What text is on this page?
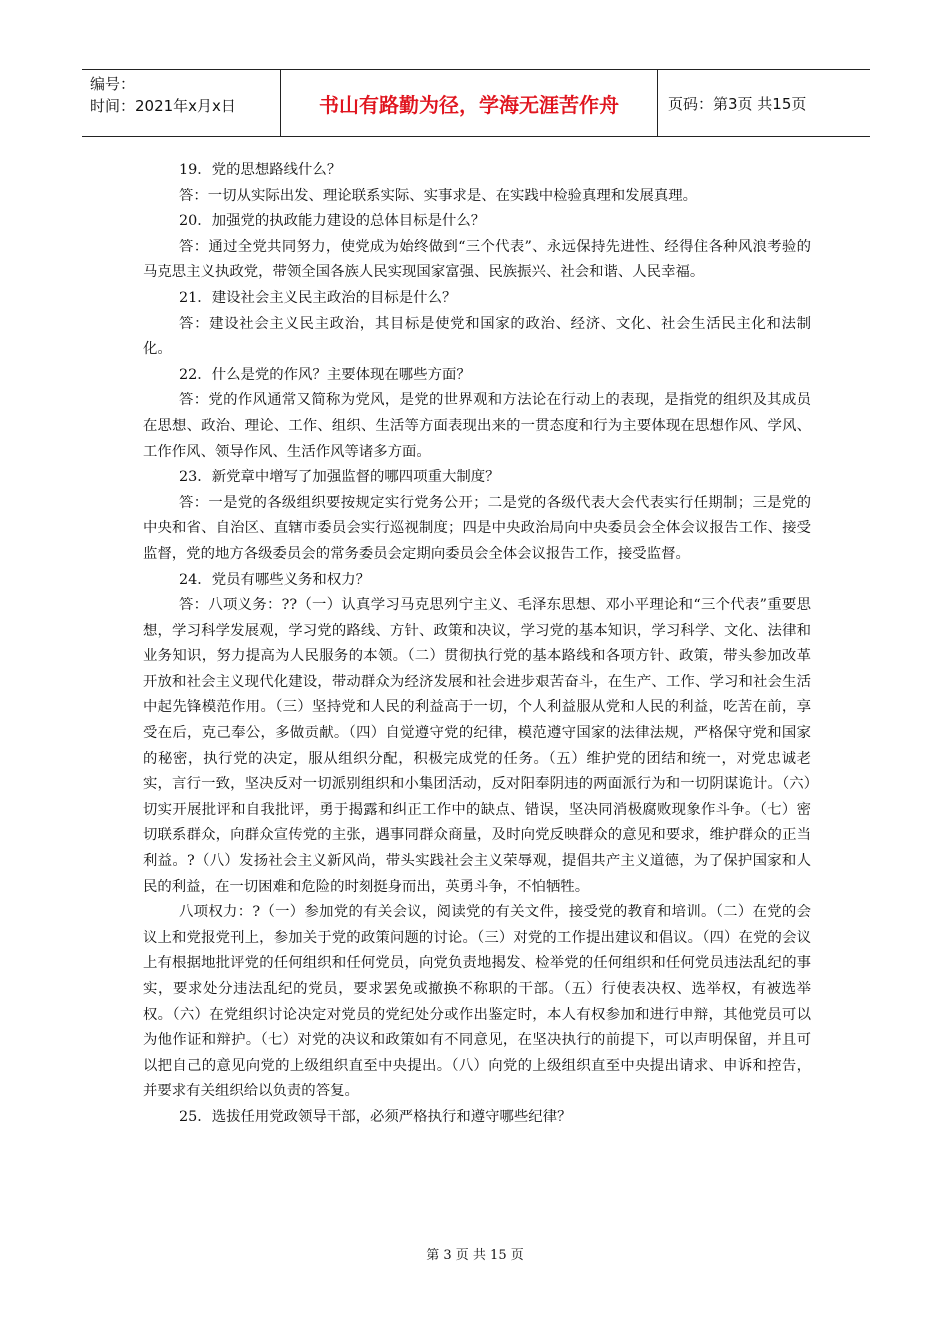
编号：
时间：2021年x月x日	书山有路勤为径，学海无涯苦作舟	页码：第3页 共15页

19．党的思想路线什么？

答：一切从实际出发、理论联系实际、实事求是、在实践中检验真理和发展真理。

20．加强党的执政能力建设的总体目标是什么？

答：通过全党共同努力，使党成为始终做到“三个代表”、永远保持先进性、经得住各种风浪考验的马克思主义执政党，带领全国各族人民实现国家富强、民族振兴、社会和谐、人民幸福。

21．建设社会主义民主政治的目标是什么？

答：建设社会主义民主政治，其目标是使党和国家的政治、经济、文化、社会生活民主化和法制化。

22．什么是党的作风？主要体现在哪些方面？

答：党的作风通常又简称为党风，是党的世界观和方法论在行动上的表现，是指党的组织及其成员在思想、政治、理论、工作、组织、生活等方面表现出来的一贯态度和行为主要体现在思想作风、学风、工作作风、领导作风、生活作风等诸多方面。

23．新党章中增写了加强监督的哪四项重大制度？

答：一是党的各级组织要按规定实行党务公开；二是党的各级代表大会代表实行任期制；三是党的中央和省、自治区、直辖市委员会实行巡视制度；四是中央政治局向中央委员会全体会议报告工作、接受监督，党的地方各级委员会的常务委员会定期向委员会全体会议报告工作，接受监督。

24．党员有哪些义务和权力？

答：八项义务：??（一）认真学习马克思列宁主义、毛泽东思想、邓小平理论和“三个代表”重要思想，学习科学发展观，学习党的路线、方针、政策和决议，学习党的基本知识，学习科学、文化、法律和业务知识，努力提高为人民服务的本领。（二）贯彻执行党的基本路线和各项方针、政策，带头参加改革开放和社会主义现代化建设，带动群众为经济发展和社会进步艰苦奋斗，在生产、工作、学习和社会生活中起先锋模范作用。（三）坚持党和人民的利益高于一切，个人利益服从党和人民的利益，吃苦在前，享受在后，克己奉公，多做贡献。（四）自觉遵守党的纪律，模范遵守国家的法律法规，严格保守党和国家的秘密，执行党的决定，服从组织分配，积极完成党的任务。（五）维护党的团结和统一，对党忠诚老实，言行一致，坚决反对一切派别组织和小集团活动，反对阳奉阴违的两面派行为和一切阴谋诡计。（六）切实开展批评和自我批评，勇于揭露和纠正工作中的缺点、错误，坚决同消极腐败现象作斗争。（七）密切联系群众，向群众宣传党的主张，遇事同群众商量，及时向党反映群众的意见和要求，维护群众的正当利益。?（八）发扬社会主义新风尚，带头实践社会主义荣辱观，提倡共产主义道德，为了保护国家和人民的利益，在一切困难和危险的时刻挺身而出，英勇斗争，不怕牺牲。

八项权力：?（一）参加党的有关会议，阅读党的有关文件，接受党的教育和培训。（二）在党的会议上和党报党刊上，参加关于党的政策问题的讨论。（三）对党的工作提出建议和倡议。（四）在党的会议上有根据地批评党的任何组织和任何党员，向党负责地揭发、检举党的任何组织和任何党员违法乱纪的事实，要求处分违法乱纪的党员，要求罢免或撤换不称职的干部。（五）行使表决权、选举权，有被选举权。（六）在党组织讨论决定对党员的党纪处分或作出鉴定时，本人有权参加和进行申辩，其他党员可以为他作证和辩护。（七）对党的决议和政策如有不同意见，在坚决执行的前提下，可以声明保留，并且可以把自己的意见向党的上级组织直至中央提出。（八）向党的上级组织直至中央提出请求、申诉和控告，并要求有关组织给以负责的答复。

25．选拔任用党政领导干部，必须严格执行和遵守哪些纪律？

第 3 页 共 15 页
